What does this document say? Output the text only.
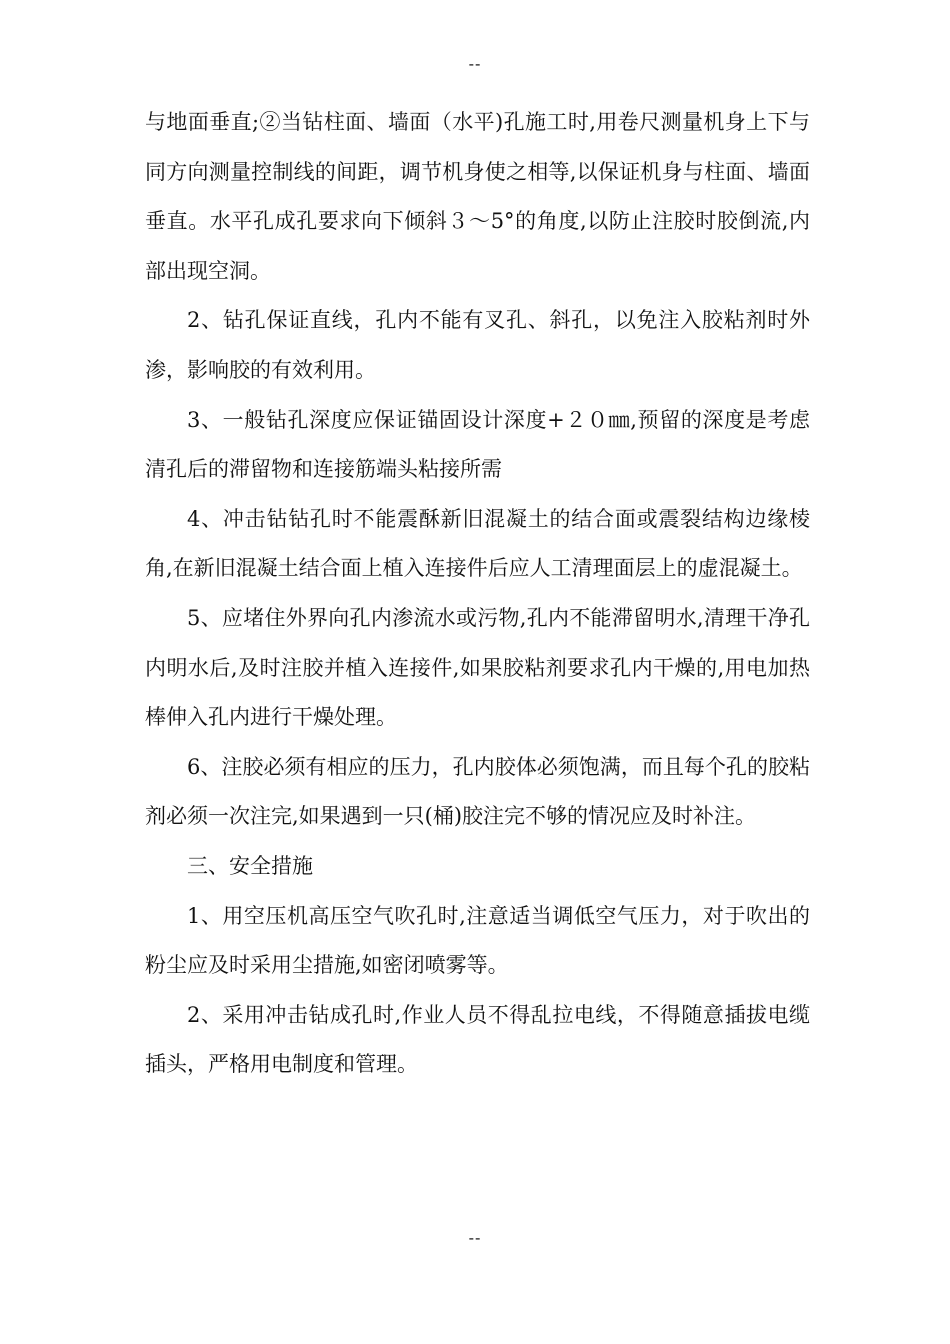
--

与地面垂直;②当钻柱面、墙面（水平)孔施工时,用卷尺测量机身上下与同方向测量控制线的间距，调节机身使之相等,以保证机身与柱面、墙面垂直。水平孔成孔要求向下倾斜３～5°的角度,以防止注胶时胶倒流,内部出现空洞。

2、钻孔保证直线，孔内不能有叉孔、斜孔，以免注入胶粘剂时外渗，影响胶的有效利用。

3、一般钻孔深度应保证锚固设计深度+２０㎜,预留的深度是考虑清孔后的滞留物和连接筋端头粘接所需

4、冲击钻钻孔时不能震酥新旧混凝土的结合面或震裂结构边缘棱角,在新旧混凝土结合面上植入连接件后应人工清理面层上的虚混凝土。

5、应堵住外界向孔内渗流水或污物,孔内不能滞留明水,清理干净孔内明水后,及时注胶并植入连接件,如果胶粘剂要求孔内干燥的,用电加热棒伸入孔内进行干燥处理。

6、注胶必须有相应的压力，孔内胶体必须饱满，而且每个孔的胶粘剂必须一次注完,如果遇到一只(桶)胶注完不够的情况应及时补注。

三、安全措施

1、用空压机高压空气吹孔时,注意适当调低空气压力，对于吹出的粉尘应及时采用尘措施,如密闭喷雾等。

2、采用冲击钻成孔时,作业人员不得乱拉电线，不得随意插拔电缆插头，严格用电制度和管理。

--
